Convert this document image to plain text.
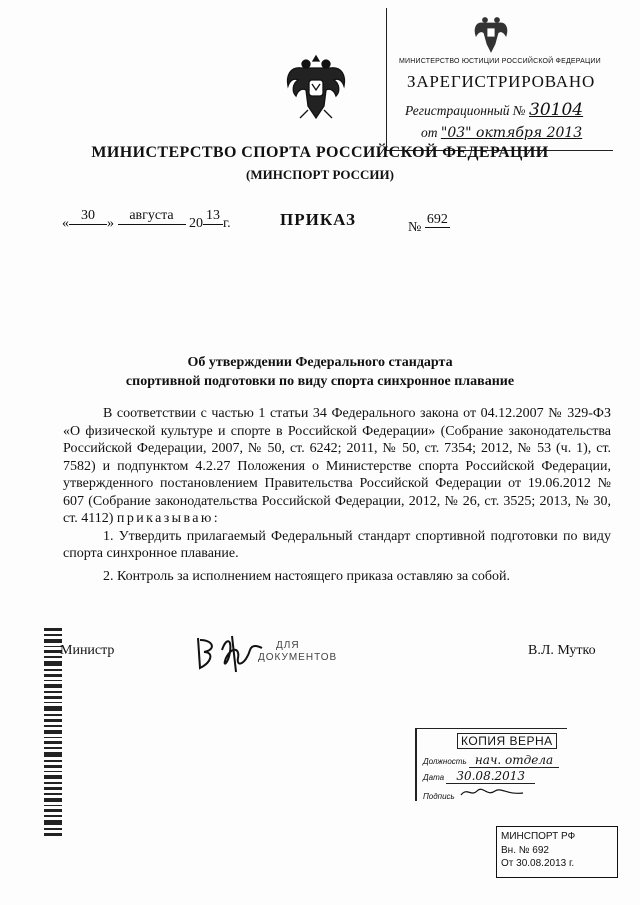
МИНИСТЕРСТВО ЮСТИЦИИ РОССИЙСКОЙ ФЕДЕРАЦИИ
ЗАРЕГИСТРИРОВАНО
Регистрационный № 30104
от "03" октября 2013
МИНИСТЕРСТВО СПОРТА РОССИЙСКОЙ ФЕДЕРАЦИИ
(МИНСПОРТ РОССИИ)
«30» августа 2013г.	ПРИКАЗ	№ 692
Об утверждении Федерального стандарта
спортивной подготовки по виду спорта синхронное плавание

В соответствии с частью 1 статьи 34 Федерального закона от 04.12.2007 № 329-ФЗ «О физической культуре и спорте в Российской Федерации» (Собрание законодательства Российской Федерации, 2007, № 50, ст. 6242; 2011, № 50, ст. 7354; 2012, № 53 (ч. 1), ст. 7582) и подпунктом 4.2.27 Положения о Министерстве спорта Российской Федерации, утвержденного постановлением Правительства Российской Федерации от 19.06.2012 № 607 (Собрание законодательства Российской Федерации, 2012, № 26, ст. 3525; 2013, № 30, ст. 4112) приказываю:

1. Утвердить прилагаемый Федеральный стандарт спортивной подготовки по виду спорта синхронное плавание.

2. Контроль за исполнением настоящего приказа оставляю за собой.

Министр	ДЛЯ
ДОКУМЕНТОВ	В.Л. Мутко
КОПИЯ ВЕРНА
Должность нач. отдела
Дата 30.08.2013
Подпись
МИНСПОРТ РФ
Вн. № 692
От 30.08.2013 г.
